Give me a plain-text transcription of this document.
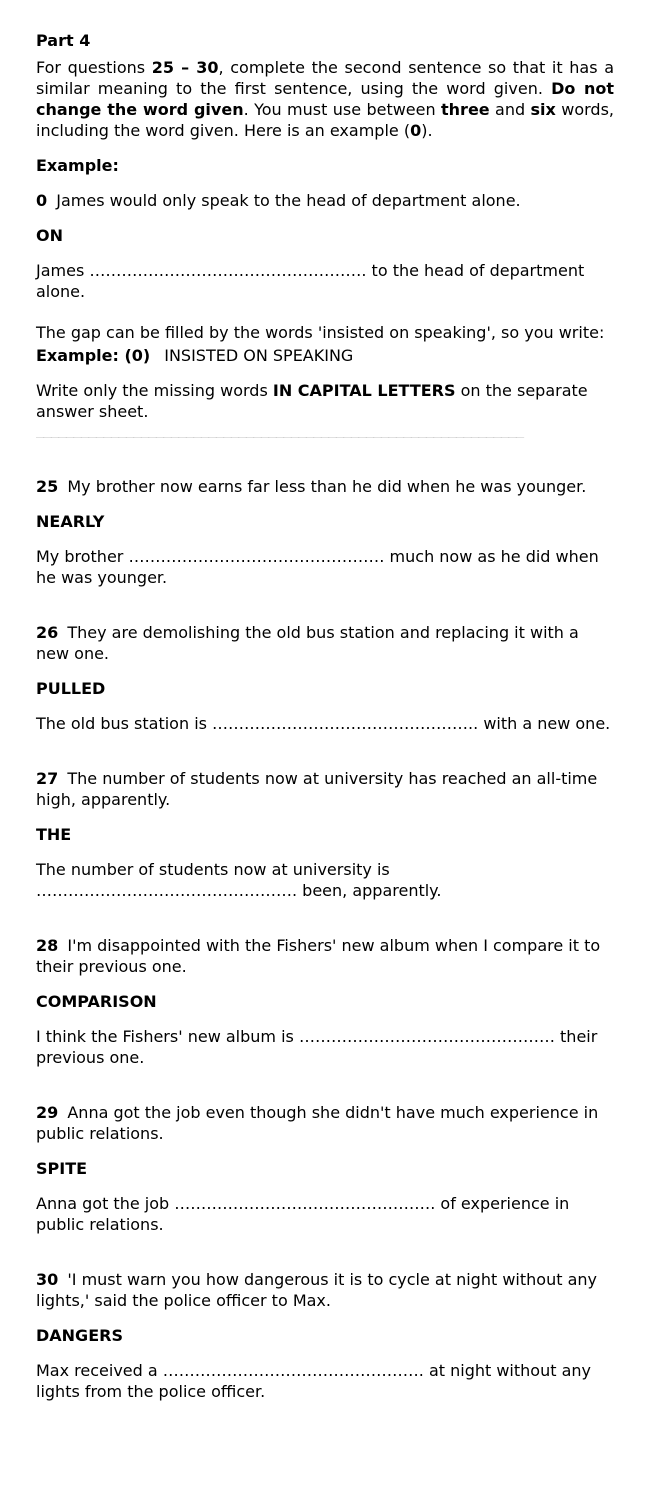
Part 4

For questions 25 – 30, complete the second sentence so that it has a similar meaning to the first sentence, using the word given. Do not change the word given. You must use between three and six words, including the word given. Here is an example (0).

Example:

0 James would only speak to the head of department alone.

ON

James ……………………………………………. to the head of department alone.

The gap can be filled by the words 'insisted on speaking', so you write:

Example: (0) INSISTED ON SPEAKING

Write only the missing words IN CAPITAL LETTERS on the separate answer sheet.

_________________________________________________________________

25 My brother now earns far less than he did when he was younger.

NEARLY

My brother ………………………………………… much now as he did when he was younger.

26 They are demolishing the old bus station and replacing it with a new one.

PULLED

The old bus station is ………………………………………….. with a new one.

27 The number of students now at university has reached an all-time high, apparently.

THE

The number of students now at university is …………………………………………. been, apparently.

28 I'm disappointed with the Fishers' new album when I compare it to their previous one.

COMPARISON

I think the Fishers' new album is ………………………………………… their previous one.

29 Anna got the job even though she didn't have much experience in public relations.

SPITE

Anna got the job …………………………………………. of experience in public relations.

30 'I must warn you how dangerous it is to cycle at night without any lights,' said the police officer to Max.

DANGERS

Max received a …………………………………………. at night without any lights from the police officer.
